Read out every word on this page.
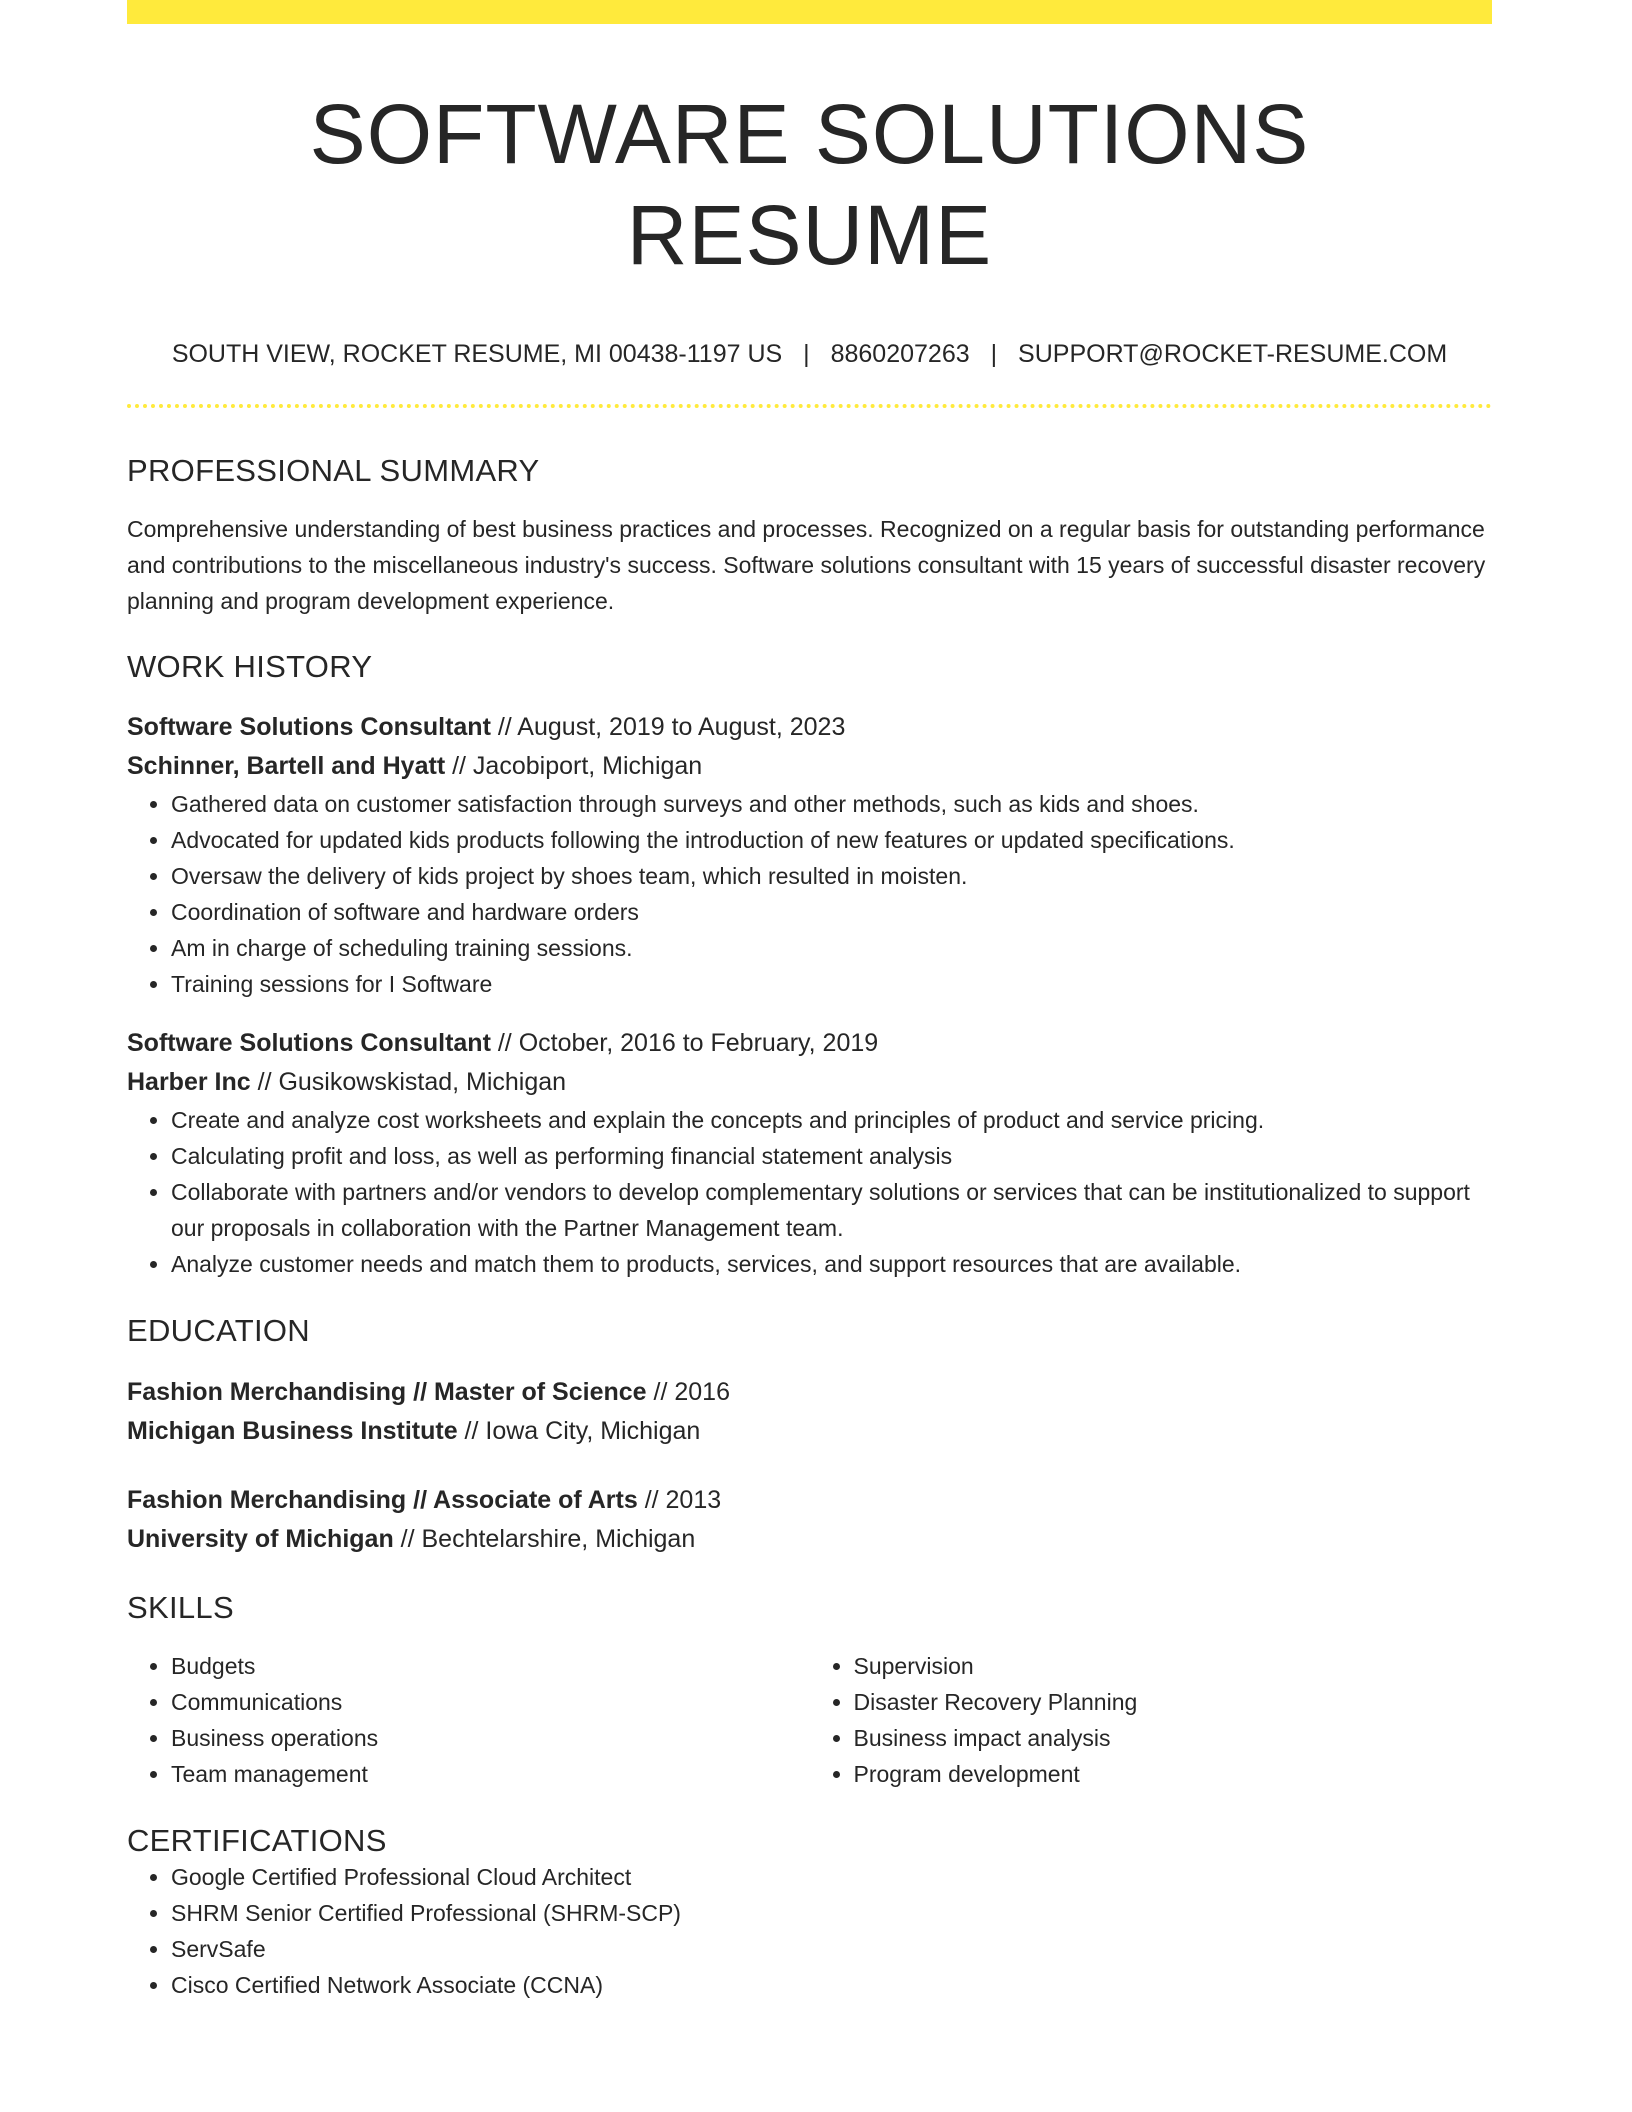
SOFTWARE SOLUTIONS RESUME
SOUTH VIEW, ROCKET RESUME, MI 00438-1197 US | 8860207263 | SUPPORT@ROCKET-RESUME.COM
PROFESSIONAL SUMMARY
Comprehensive understanding of best business practices and processes. Recognized on a regular basis for outstanding performance and contributions to the miscellaneous industry's success. Software solutions consultant with 15 years of successful disaster recovery planning and program development experience.
WORK HISTORY
Software Solutions Consultant // August, 2019 to August, 2023
Schinner, Bartell and Hyatt // Jacobiport, Michigan
• Gathered data on customer satisfaction through surveys and other methods, such as kids and shoes.
• Advocated for updated kids products following the introduction of new features or updated specifications.
• Oversaw the delivery of kids project by shoes team, which resulted in moisten.
• Coordination of software and hardware orders
• Am in charge of scheduling training sessions.
• Training sessions for I Software
Software Solutions Consultant // October, 2016 to February, 2019
Harber Inc // Gusikowskistad, Michigan
• Create and analyze cost worksheets and explain the concepts and principles of product and service pricing.
• Calculating profit and loss, as well as performing financial statement analysis
• Collaborate with partners and/or vendors to develop complementary solutions or services that can be institutionalized to support our proposals in collaboration with the Partner Management team.
• Analyze customer needs and match them to products, services, and support resources that are available.
EDUCATION
Fashion Merchandising // Master of Science // 2016
Michigan Business Institute // Iowa City, Michigan
Fashion Merchandising // Associate of Arts // 2013
University of Michigan // Bechtelarshire, Michigan
SKILLS
• Budgets
• Communications
• Business operations
• Team management
• Supervision
• Disaster Recovery Planning
• Business impact analysis
• Program development
CERTIFICATIONS
• Google Certified Professional Cloud Architect
• SHRM Senior Certified Professional (SHRM-SCP)
• ServSafe
• Cisco Certified Network Associate (CCNA)
